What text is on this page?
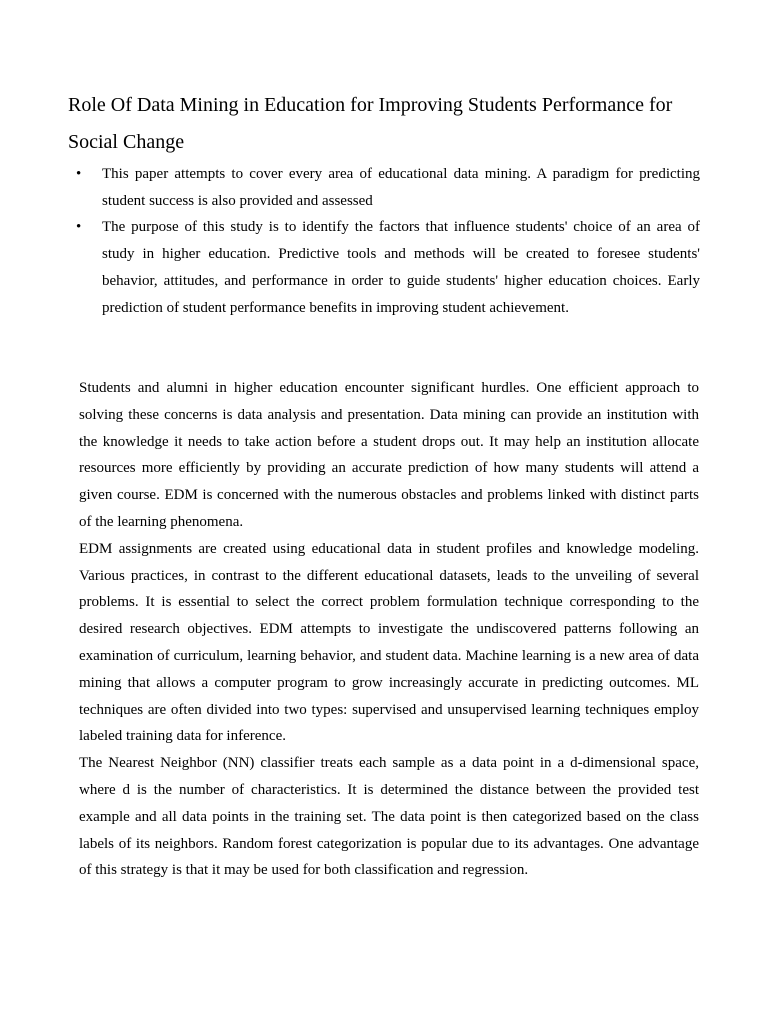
Role Of Data Mining in Education for Improving Students Performance for Social Change
• This paper attempts to cover every area of educational data mining. A paradigm for predicting student success is also provided and assessed
• The purpose of this study is to identify the factors that influence students' choice of an area of study in higher education. Predictive tools and methods will be created to foresee students' behavior, attitudes, and performance in order to guide students' higher education choices. Early prediction of student performance benefits in improving student achievement.

Students and alumni in higher education encounter significant hurdles. One efficient approach to solving these concerns is data analysis and presentation. Data mining can provide an institution with the knowledge it needs to take action before a student drops out. It may help an institution allocate resources more efficiently by providing an accurate prediction of how many students will attend a given course. EDM is concerned with the numerous obstacles and problems linked with distinct parts of the learning phenomena.

EDM assignments are created using educational data in student profiles and knowledge modeling. Various practices, in contrast to the different educational datasets, leads to the unveiling of several problems. It is essential to select the correct problem formulation technique corresponding to the desired research objectives. EDM attempts to investigate the undiscovered patterns following an examination of curriculum, learning behavior, and student data. Machine learning is a new area of data mining that allows a computer program to grow increasingly accurate in predicting outcomes. ML techniques are often divided into two types: supervised and unsupervised learning techniques employ labeled training data for inference.

The Nearest Neighbor (NN) classifier treats each sample as a data point in a d-dimensional space, where d is the number of characteristics. It is determined the distance between the provided test example and all data points in the training set. The data point is then categorized based on the class labels of its neighbors. Random forest categorization is popular due to its advantages. One advantage of this strategy is that it may be used for both classification and regression.
